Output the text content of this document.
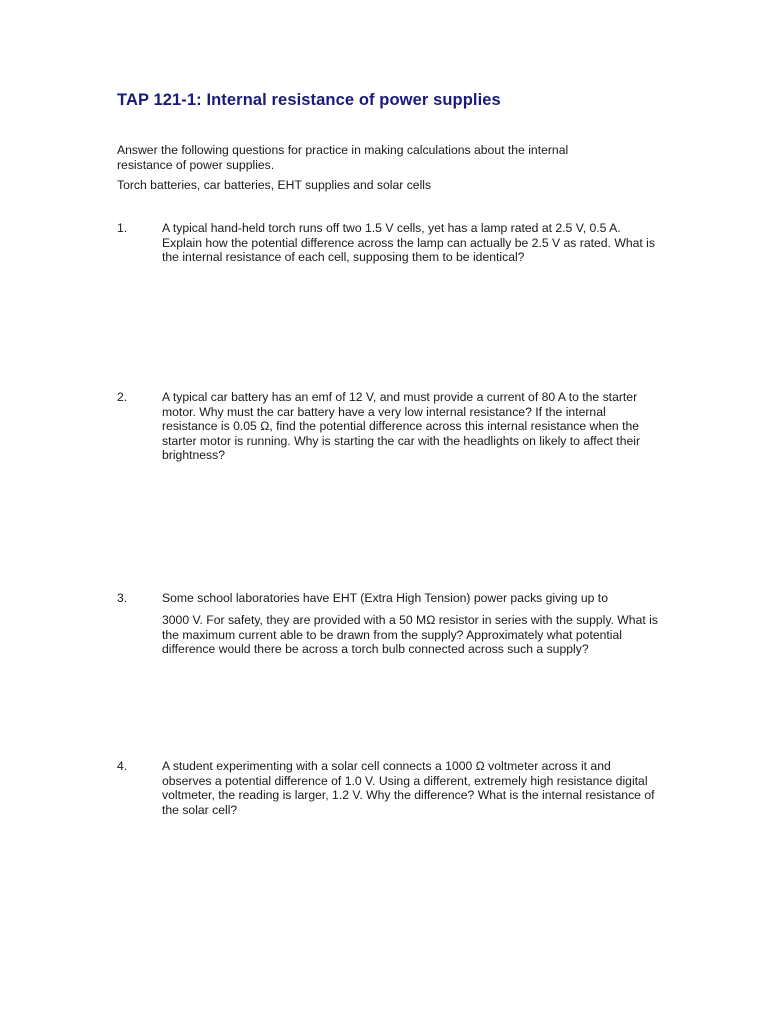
TAP 121-1: Internal resistance of power supplies

Answer the following questions for practice in making calculations about the internal resistance of power supplies.

Torch batteries, car batteries, EHT supplies and solar cells

1.	A typical hand-held torch runs off two 1.5 V cells, yet has a lamp rated at 2.5 V, 0.5 A. Explain how the potential difference across the lamp can actually be 2.5 V as rated. What is the internal resistance of each cell, supposing them to be identical?

2.	A typical car battery has an emf of 12 V, and must provide a current of 80 A to the starter motor. Why must the car battery have a very low internal resistance? If the internal resistance is 0.05 Ω, find the potential difference across this internal resistance when the starter motor is running. Why is starting the car with the headlights on likely to affect their brightness?

3.	Some school laboratories have EHT (Extra High Tension) power packs giving up to

3000 V. For safety, they are provided with a 50 MΩ resistor in series with the supply. What is the maximum current able to be drawn from the supply? Approximately what potential difference would there be across a torch bulb connected across such a supply?

4.	A student experimenting with a solar cell connects a 1000 Ω voltmeter across it and observes a potential difference of 1.0 V. Using a different, extremely high resistance digital voltmeter, the reading is larger, 1.2 V. Why the difference? What is the internal resistance of the solar cell?
